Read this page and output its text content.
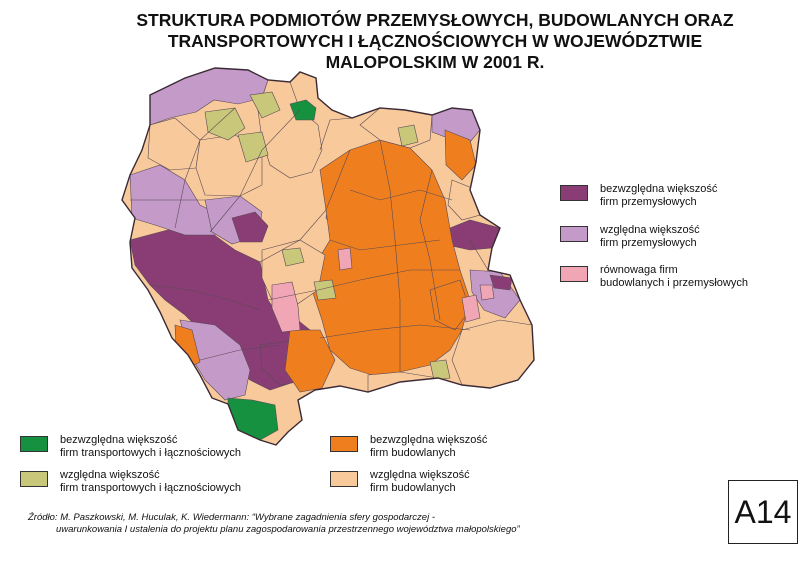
STRUKTURA PODMIOTÓW PRZEMYSŁOWYCH, BUDOWLANYCH ORAZ
TRANSPORTOWYCH I ŁĄCZNOŚCIOWYCH W WOJEWÓDZTWIE
MALOPOLSKIM W 2001 R.
bezwzględna większość
firm przemysłowych
względna większość
firm przemysłowych
równowaga firm
budowlanych i przemysłowych
bezwzględna większość
firm transportowych i łącznościowych
względna większość
firm transportowych i łącznościowych
bezwzględna większość
firm budowlanych
względna większość
firm budowlanych
Źródło: M. Paszkowski, M. Huculak, K. Wiedermann: “Wybrane zagadnienia sfery gospodarczej -
uwarunkowania I ustalenia do projektu planu zagospodarowania przestrzennego województwa małopolskiego”	A14
